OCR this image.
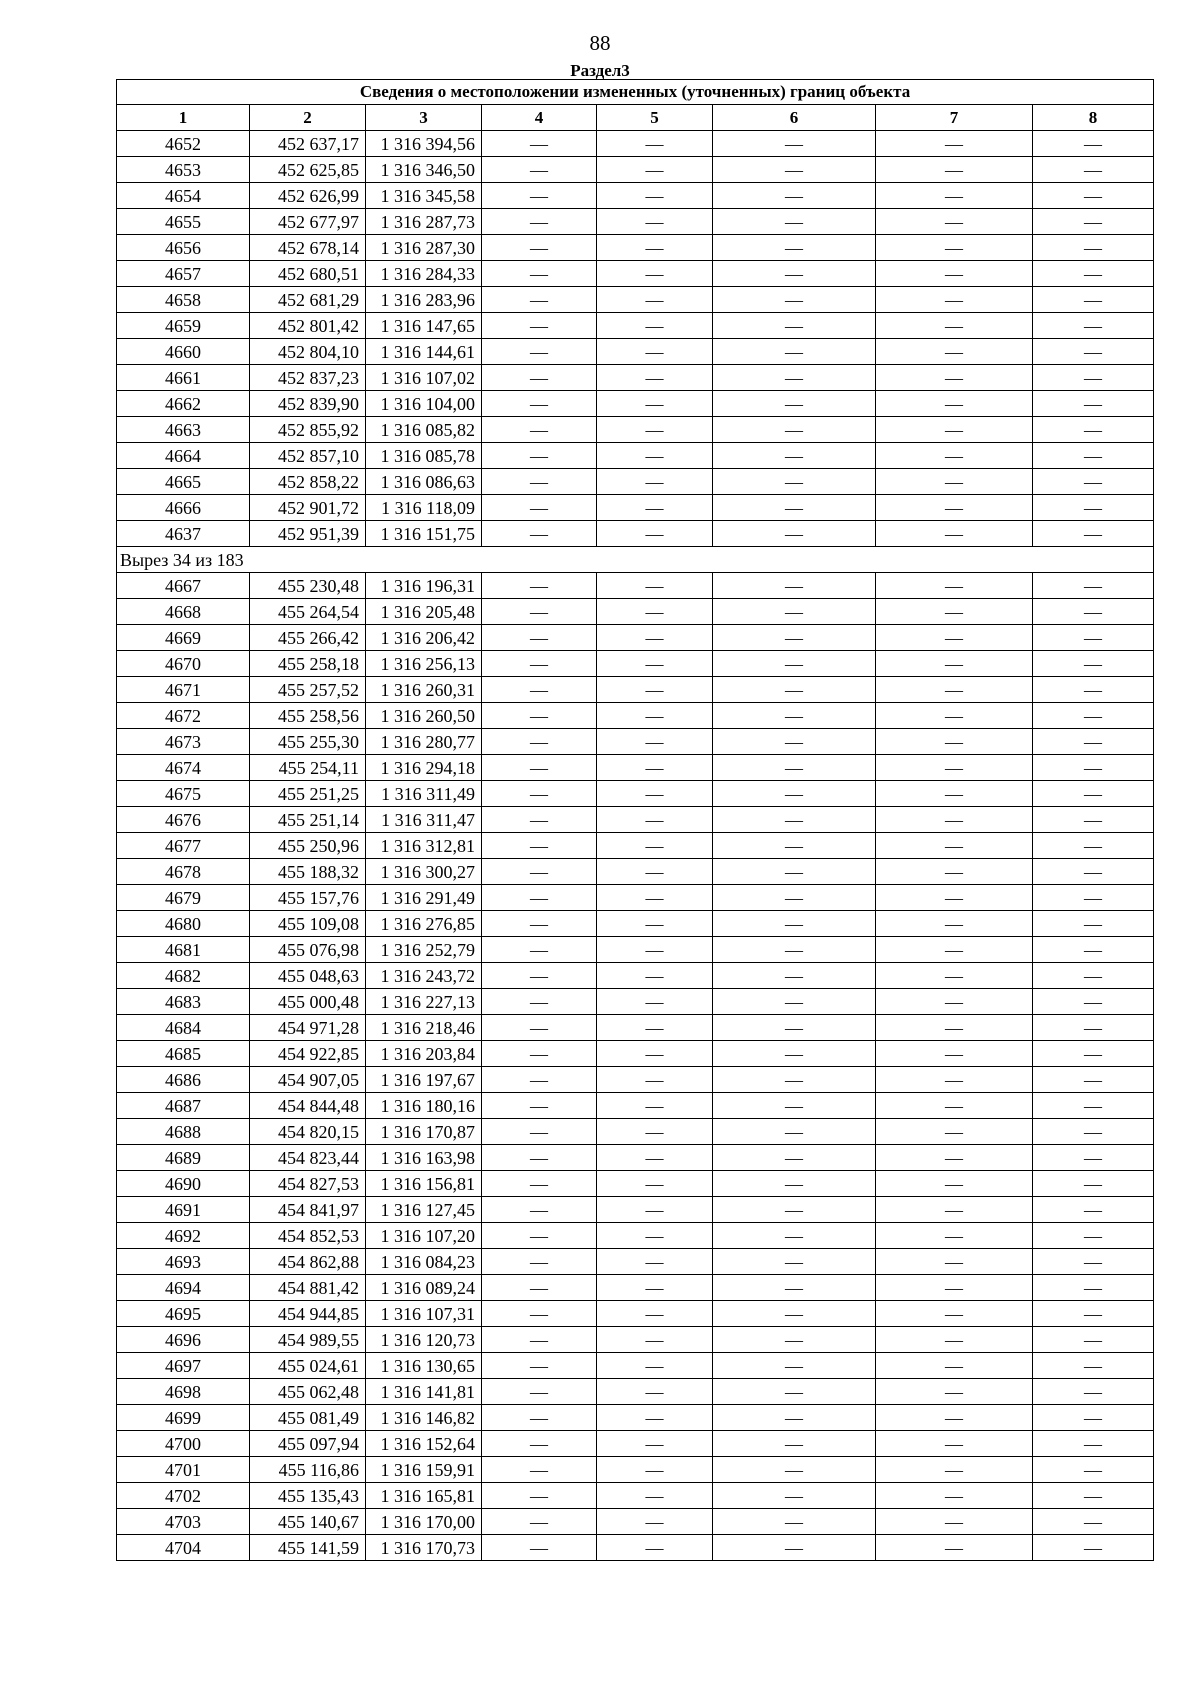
88
Раздел3
Сведения о местоположении измененных (уточненных) границ объекта							
1	2	3	4	5	6	7	8
4652	452 637,17	1 316 394,56	—	—	—	—	—
4653	452 625,85	1 316 346,50	—	—	—	—	—
4654	452 626,99	1 316 345,58	—	—	—	—	—
4655	452 677,97	1 316 287,73	—	—	—	—	—
4656	452 678,14	1 316 287,30	—	—	—	—	—
4657	452 680,51	1 316 284,33	—	—	—	—	—
4658	452 681,29	1 316 283,96	—	—	—	—	—
4659	452 801,42	1 316 147,65	—	—	—	—	—
4660	452 804,10	1 316 144,61	—	—	—	—	—
4661	452 837,23	1 316 107,02	—	—	—	—	—
4662	452 839,90	1 316 104,00	—	—	—	—	—
4663	452 855,92	1 316 085,82	—	—	—	—	—
4664	452 857,10	1 316 085,78	—	—	—	—	—
4665	452 858,22	1 316 086,63	—	—	—	—	—
4666	452 901,72	1 316 118,09	—	—	—	—	—
4637	452 951,39	1 316 151,75	—	—	—	—	—
Вырез 34 из 183							
4667	455 230,48	1 316 196,31	—	—	—	—	—
4668	455 264,54	1 316 205,48	—	—	—	—	—
4669	455 266,42	1 316 206,42	—	—	—	—	—
4670	455 258,18	1 316 256,13	—	—	—	—	—
4671	455 257,52	1 316 260,31	—	—	—	—	—
4672	455 258,56	1 316 260,50	—	—	—	—	—
4673	455 255,30	1 316 280,77	—	—	—	—	—
4674	455 254,11	1 316 294,18	—	—	—	—	—
4675	455 251,25	1 316 311,49	—	—	—	—	—
4676	455 251,14	1 316 311,47	—	—	—	—	—
4677	455 250,96	1 316 312,81	—	—	—	—	—
4678	455 188,32	1 316 300,27	—	—	—	—	—
4679	455 157,76	1 316 291,49	—	—	—	—	—
4680	455 109,08	1 316 276,85	—	—	—	—	—
4681	455 076,98	1 316 252,79	—	—	—	—	—
4682	455 048,63	1 316 243,72	—	—	—	—	—
4683	455 000,48	1 316 227,13	—	—	—	—	—
4684	454 971,28	1 316 218,46	—	—	—	—	—
4685	454 922,85	1 316 203,84	—	—	—	—	—
4686	454 907,05	1 316 197,67	—	—	—	—	—
4687	454 844,48	1 316 180,16	—	—	—	—	—
4688	454 820,15	1 316 170,87	—	—	—	—	—
4689	454 823,44	1 316 163,98	—	—	—	—	—
4690	454 827,53	1 316 156,81	—	—	—	—	—
4691	454 841,97	1 316 127,45	—	—	—	—	—
4692	454 852,53	1 316 107,20	—	—	—	—	—
4693	454 862,88	1 316 084,23	—	—	—	—	—
4694	454 881,42	1 316 089,24	—	—	—	—	—
4695	454 944,85	1 316 107,31	—	—	—	—	—
4696	454 989,55	1 316 120,73	—	—	—	—	—
4697	455 024,61	1 316 130,65	—	—	—	—	—
4698	455 062,48	1 316 141,81	—	—	—	—	—
4699	455 081,49	1 316 146,82	—	—	—	—	—
4700	455 097,94	1 316 152,64	—	—	—	—	—
4701	455 116,86	1 316 159,91	—	—	—	—	—
4702	455 135,43	1 316 165,81	—	—	—	—	—
4703	455 140,67	1 316 170,00	—	—	—	—	—
4704	455 141,59	1 316 170,73	—	—	—	—	—
